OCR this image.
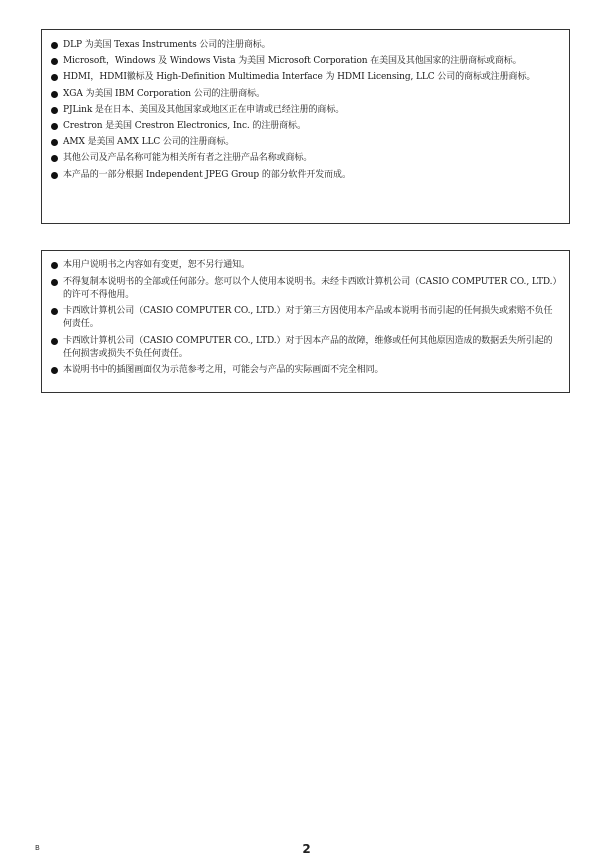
DLP 为美国 Texas Instruments 公司的注册商标。
Microsoft，Windows 及 Windows Vista 为美国 Microsoft Corporation 在美国及其他国家的注册商标或商标。
HDMI，HDMI徽标及 High-Definition Multimedia Interface 为 HDMI Licensing, LLC 公司的商标或注册商标。
XGA 为美国 IBM Corporation 公司的注册商标。
PJLink 是在日本、美国及其他国家或地区正在申请或已经注册的商标。
Crestron 是美国 Crestron Electronics, Inc. 的注册商标。
AMX 是美国 AMX LLC 公司的注册商标。
其他公司及产品名称可能为相关所有者之注册产品名称或商标。
本产品的一部分根据 Independent JPEG Group 的部分软件开发而成。
本用户说明书之内容如有变更，恕不另行通知。
不得复制本说明书的全部或任何部分。您可以个人使用本说明书。未经卡西欧计算机公司（CASIO COMPUTER CO., LTD.）的许可不得他用。
卡西欧计算机公司（CASIO COMPUTER CO., LTD.）对于第三方因使用本产品或本说明书而引起的任何损失或索赔不负任何责任。
卡西欧计算机公司（CASIO COMPUTER CO., LTD.）对于因本产品的故障，维修或任何其他原因造成的数据丢失所引起的任何损害或损失不负任何责任。
本说明书中的插图画面仅为示范参考之用，可能会与产品的实际画面不完全相同。
B	2
